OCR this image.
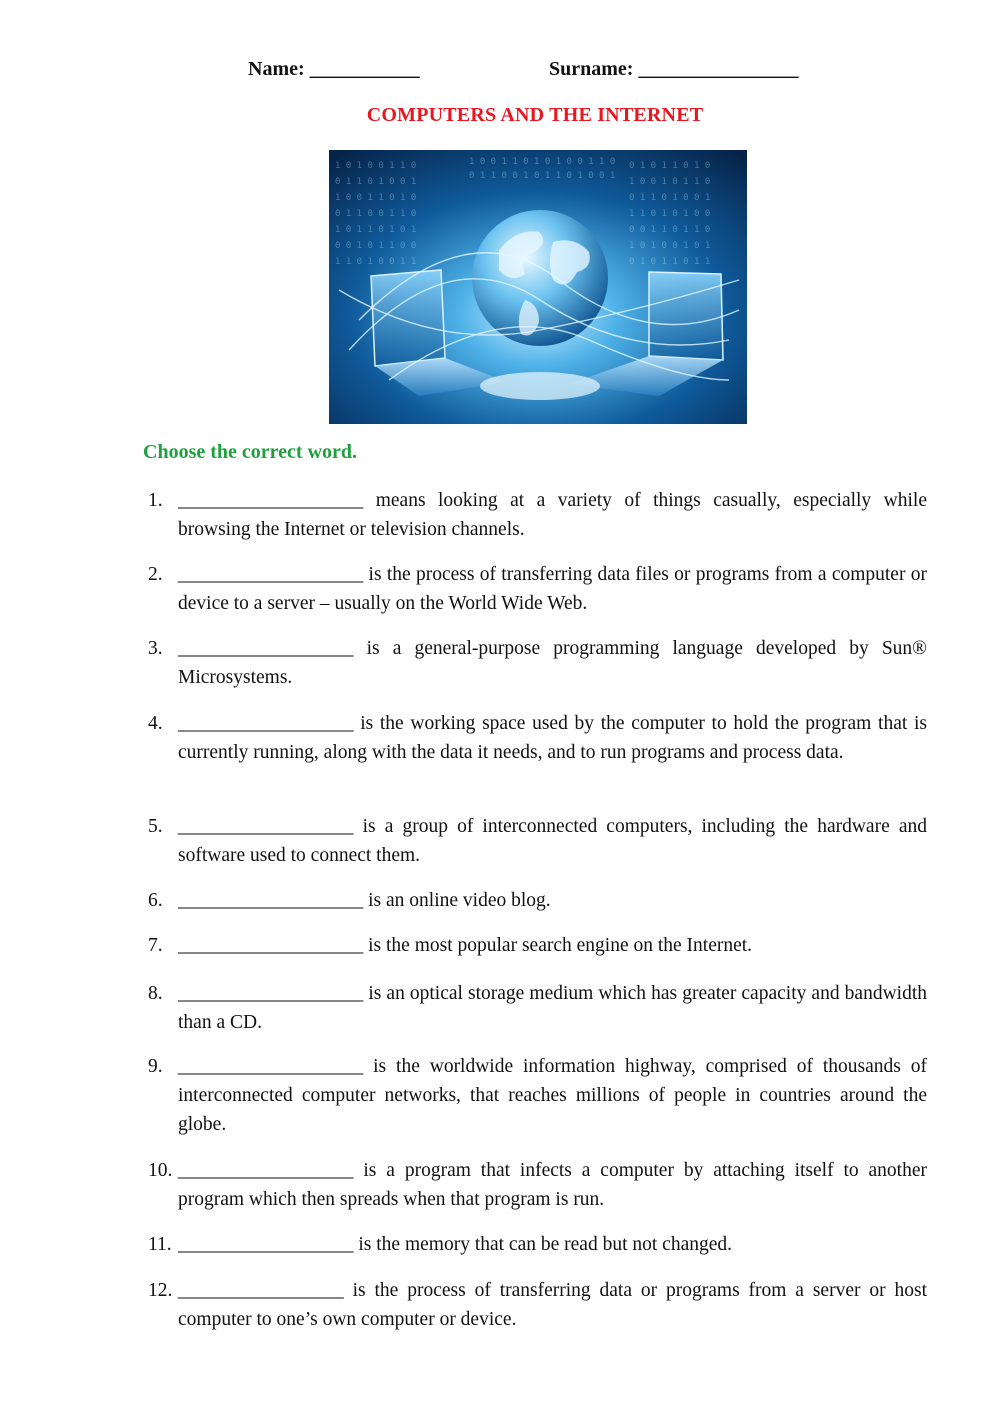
Name: ___________	Surname: ________________
COMPUTERS AND THE INTERNET
1 0 1 0 0 1 1 0
0 1 1 0 1 0 0 1
1 0 0 1 1 0 1 0
0 1 1 0 0 1 1 0
1 0 1 1 0 1 0 1
0 0 1 0 1 1 0 0
1 1 0 1 0 0 1 1
0 1 0 1 1 0 1 0
1 0 0 1 0 1 1 0
0 1 1 0 1 0 0 1
1 1 0 1 0 1 0 0
0 0 1 1 0 1 1 0
1 0 1 0 0 1 0 1
0 1 0 1 1 0 1 1
1 0 0 1 1 0 1 0 1 0 0 1 1 0
0 1 1 0 0 1 0 1 1 0 1 0 0 1
Choose the correct word.
1. ___________________ means looking at a variety of things casually, especially while browsing the Internet or television channels.
2. ___________________ is the process of transferring data files or programs from a computer or device to a server – usually on the World Wide Web.
3. __________________ is a general-purpose programming language developed by Sun® Microsystems.
4. __________________ is the working space used by the computer to hold the program that is currently running, along with the data it needs, and to run programs and process data.
5. __________________ is a group of interconnected computers, including the hardware and software used to connect them.
6. ___________________ is an online video blog.
7. ___________________ is the most popular search engine on the Internet.
8. ___________________ is an optical storage medium which has greater capacity and bandwidth than a CD.
9. ___________________ is the worldwide information highway, comprised of thousands of interconnected computer networks, that reaches millions of people in countries around the globe.
10. __________________ is a program that infects a computer by attaching itself to another program which then spreads when that program is run.
11. __________________ is the memory that can be read but not changed.
12. _________________ is the process of transferring data or programs from a server or host computer to one’s own computer or device.
